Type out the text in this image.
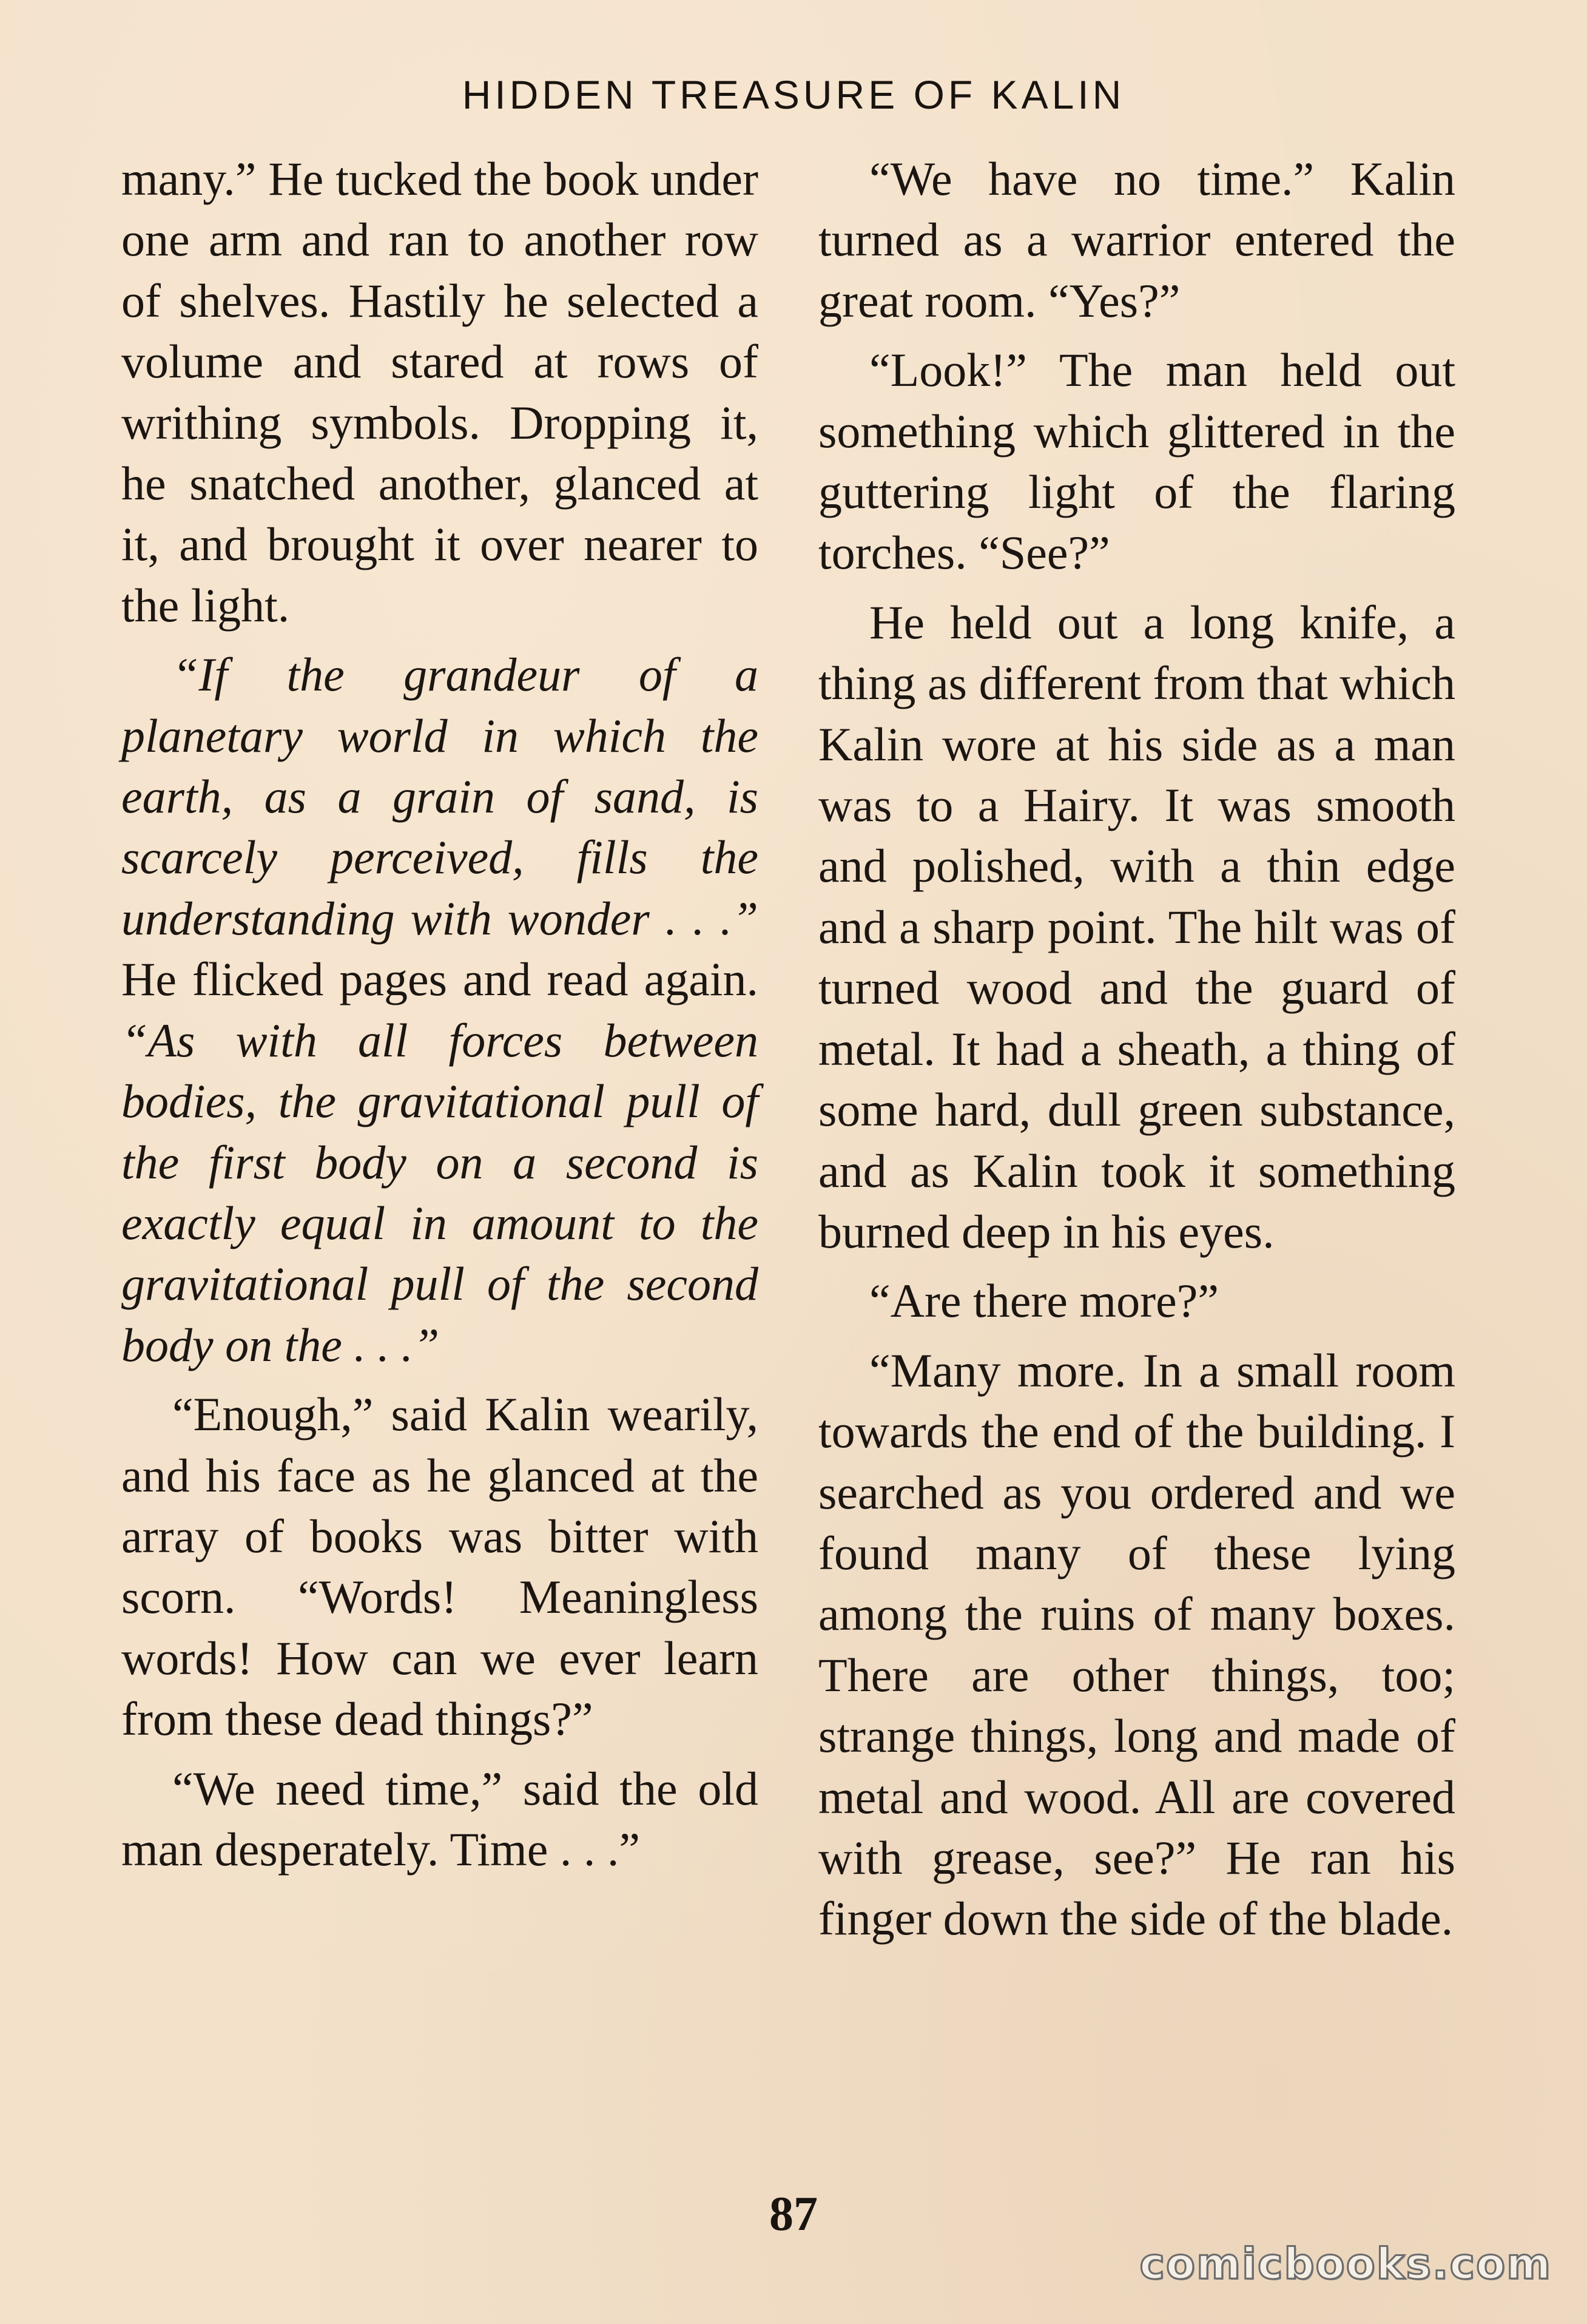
HIDDEN TREASURE OF KALIN

many.” He tucked the book under one arm and ran to another row of shelves. Hastily he selected a volume and stared at rows of writhing symbols. Dropping it, he snatched another, glanced at it, and brought it over nearer to the light.

“If the grandeur of a planetary world in which the earth, as a grain of sand, is scarcely perceived, fills the understanding with wonder . . .” He flicked pages and read again. “As with all forces between bodies, the gravitational pull of the first body on a second is exactly equal in amount to the gravitational pull of the second body on the . . .”

“Enough,” said Kalin wearily, and his face as he glanced at the array of books was bitter with scorn. “Words! Meaningless words! How can we ever learn from these dead things?”

“We need time,” said the old man desperately. Time . . .”

“We have no time.” Kalin turned as a warrior entered the great room. “Yes?”

“Look!” The man held out something which glittered in the guttering light of the flaring torches. “See?”

He held out a long knife, a thing as different from that which Kalin wore at his side as a man was to a Hairy. It was smooth and polished, with a thin edge and a sharp point. The hilt was of turned wood and the guard of metal. It had a sheath, a thing of some hard, dull green substance, and as Kalin took it something burned deep in his eyes.

“Are there more?”

“Many more. In a small room towards the end of the building. I searched as you ordered and we found many of these lying among the ruins of many boxes. There are other things, too; strange things, long and made of metal and wood. All are covered with grease, see?” He ran his finger down the side of the blade.

87
comicbooks.com
